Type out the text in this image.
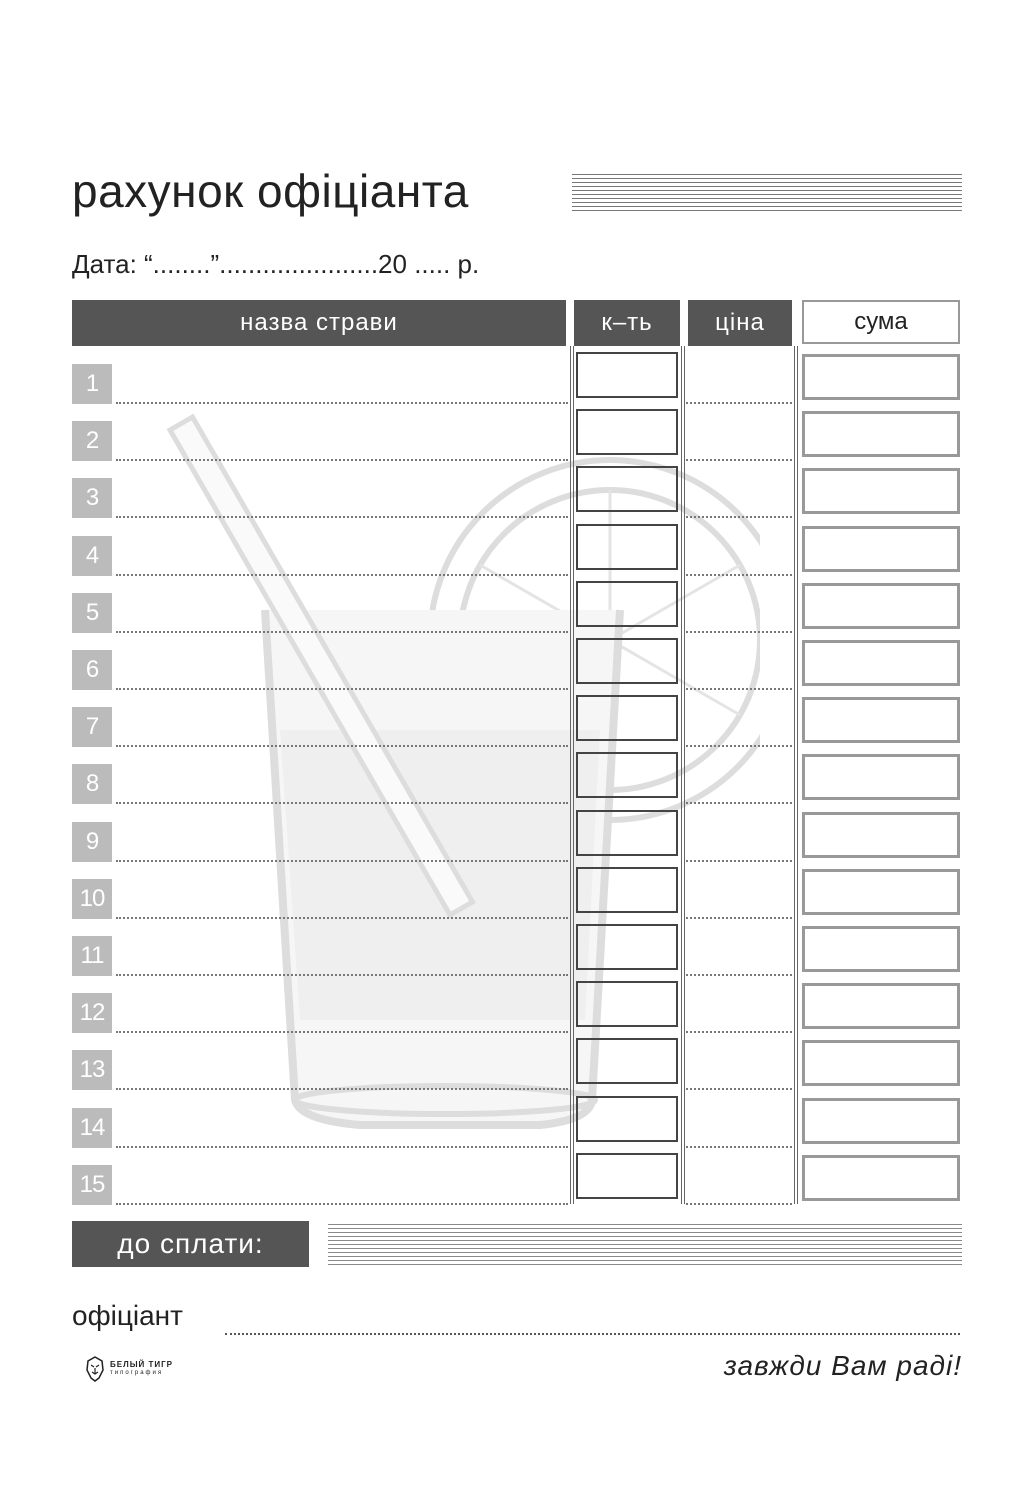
рахунок офіціанта
Дата: “........”......................20 ..... р.
назва страви	к–ть	ціна	сума
1
2
3
4
5
6
7
8
9
10
11
12
13
14
15
до сплати:
офіціант
БЕЛЫЙ ТИГР
типография	завжди Вам раді!
